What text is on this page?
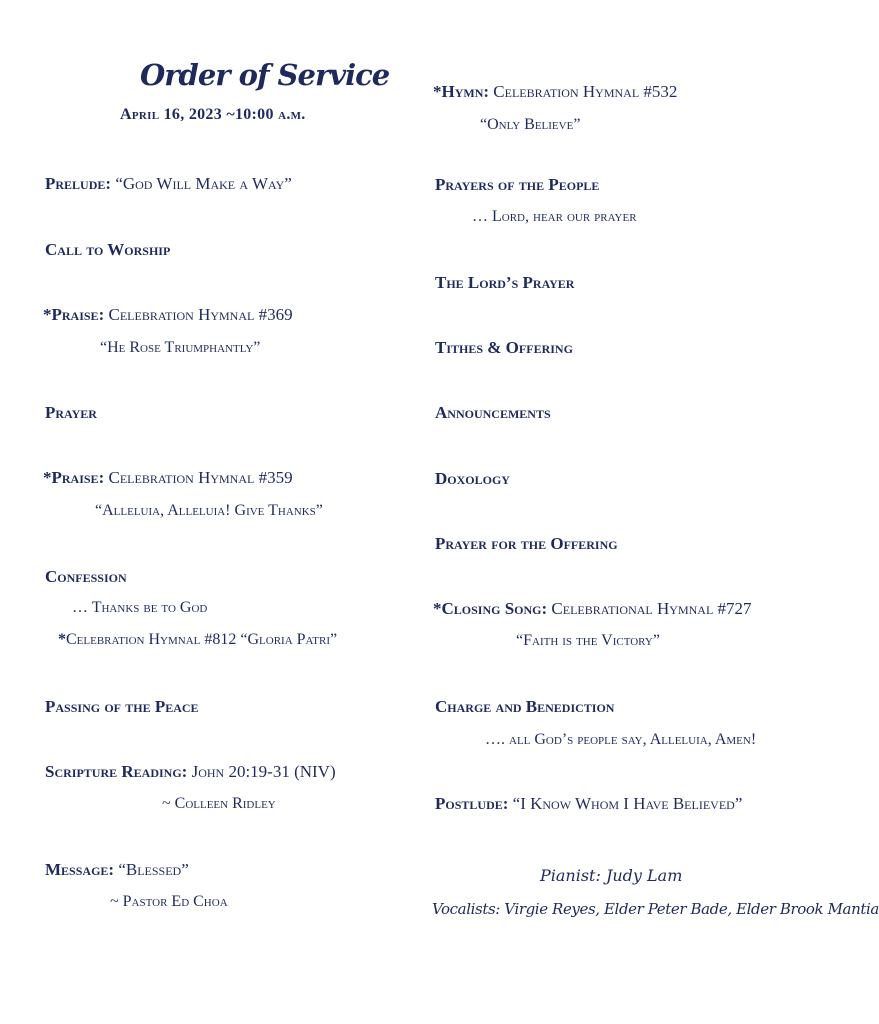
Order of Service
April 16, 2023 ~10:00 a.m.
Prelude: “God Will Make a Way”
Call to Worship
*Praise: Celebration Hymnal #369
“He Rose Triumphantly”
Prayer
*Praise: Celebration Hymnal #359
“Alleluia, Alleluia! Give Thanks”
Confession
… Thanks be to God
*Celebration Hymnal #812 “Gloria Patri”
Passing of the Peace
Scripture Reading: John 20:19-31 (NIV)
~ Colleen Ridley
Message: “Blessed”
~ Pastor Ed Choa
*Hymn: Celebration Hymnal #532
“Only Believe”
Prayers of the People
… Lord, hear our prayer
The Lord’s Prayer
Tithes & Offering
Announcements
Doxology
Prayer for the Offering
*Closing Song: Celebrational Hymnal #727
“Faith is the Victory”
Charge and Benediction
…. all God’s people say, Alleluia, Amen!
Postlude: “I Know Whom I Have Believed”
Pianist: Judy Lam
Vocalists: Virgie Reyes, Elder Peter Bade, Elder Brook Mantia
